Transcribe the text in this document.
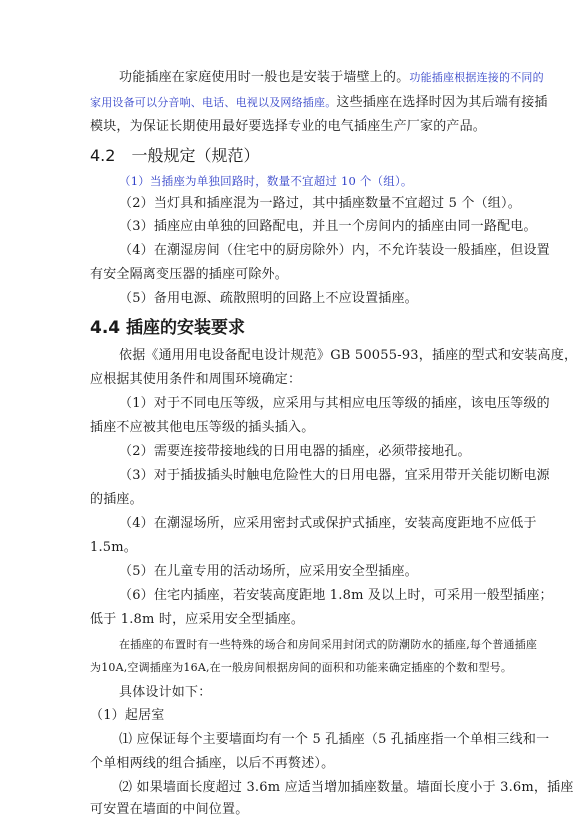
功能插座在家庭使用时一般也是安装于墙壁上的。功能插座根据连接的不同的
家用设备可以分音响、电话、电视以及网络插座。这些插座在选择时因为其后端有接插
模块，为保证长期使用最好要选择专业的电气插座生产厂家的产品。
4.2　一般规定（规范）
（1）当插座为单独回路时，数量不宜超过 10 个（组）。
（2）当灯具和插座混为一路过，其中插座数量不宜超过 5 个（组）。
（3）插座应由单独的回路配电，并且一个房间内的插座由同一路配电。
（4）在潮湿房间（住宅中的厨房除外）内，不允许装设一般插座，但设置
有安全隔离变压器的插座可除外。
（5）备用电源、疏散照明的回路上不应设置插座。
4.4 插座的安装要求
依据《通用用电设备配电设计规范》GB 50055-93，插座的型式和安装高度，
应根据其使用条件和周围环境确定：
（1）对于不同电压等级，应采用与其相应电压等级的插座，该电压等级的
插座不应被其他电压等级的插头插入。
（2）需要连接带接地线的日用电器的插座，必须带接地孔。
（3）对于插拔插头时触电危险性大的日用电器，宜采用带开关能切断电源
的插座。
（4）在潮湿场所，应采用密封式或保护式插座，安装高度距地不应低于
1.5m。
（5）在儿童专用的活动场所，应采用安全型插座。
（6）住宅内插座，若安装高度距地 1.8m 及以上时，可采用一般型插座；
低于 1.8m 时，应采用安全型插座。
在插座的布置时有一些特殊的场合和房间采用封闭式的防潮防水的插座,每个普通插座
为10A,空调插座为16A,在一般房间根据房间的面积和功能来确定插座的个数和型号。
具体设计如下：
（1）起居室
⑴ 应保证每个主要墙面均有一个 5 孔插座（5 孔插座指一个单相三线和一
个单相两线的组合插座，以后不再赘述）。
⑵ 如果墙面长度超过 3.6m 应适当增加插座数量。墙面长度小于 3.6m，插座
可安置在墙面的中间位置。
